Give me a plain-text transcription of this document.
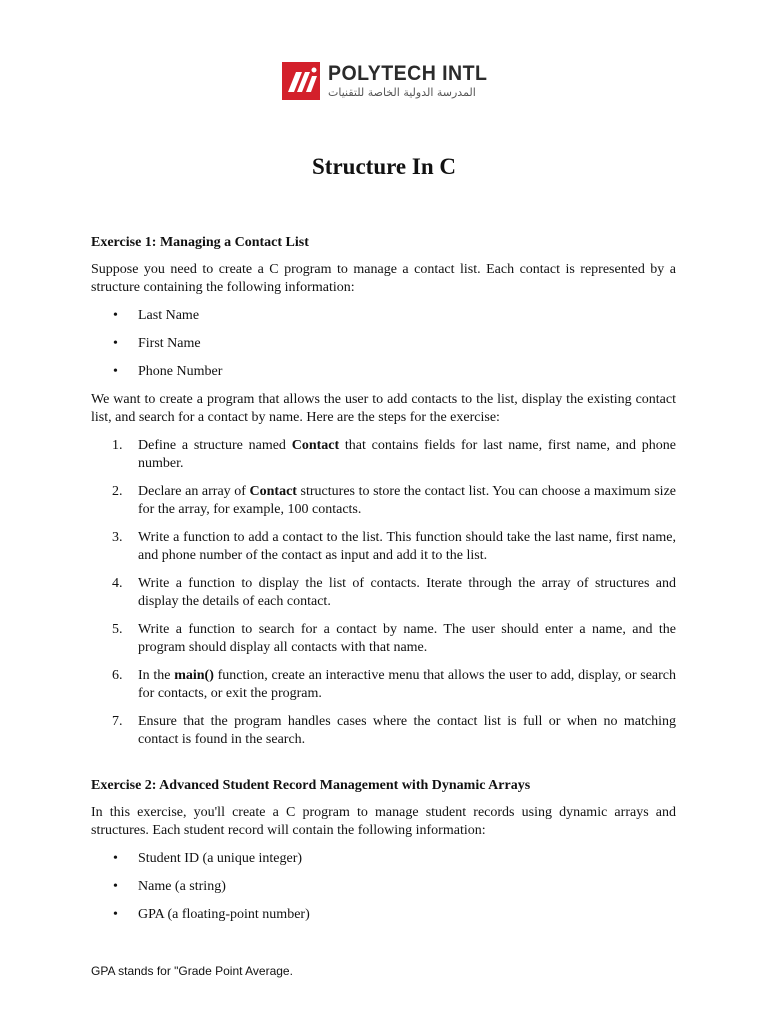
POLYTECH INTL
المدرسة الدولية الخاصة للتقنيات
Structure In C

Exercise 1: Managing a Contact List

Suppose you need to create a C program to manage a contact list. Each contact is represented by a structure containing the following information:

• Last Name
• First Name
• Phone Number

We want to create a program that allows the user to add contacts to the list, display the existing contact list, and search for a contact by name. Here are the steps for the exercise:

1. Define a structure named Contact that contains fields for last name, first name, and phone number.
2. Declare an array of Contact structures to store the contact list. You can choose a maximum size for the array, for example, 100 contacts.
3. Write a function to add a contact to the list. This function should take the last name, first name, and phone number of the contact as input and add it to the list.
4. Write a function to display the list of contacts. Iterate through the array of structures and display the details of each contact.
5. Write a function to search for a contact by name. The user should enter a name, and the program should display all contacts with that name.
6. In the main() function, create an interactive menu that allows the user to add, display, or search for contacts, or exit the program.
7. Ensure that the program handles cases where the contact list is full or when no matching contact is found in the search.

Exercise 2: Advanced Student Record Management with Dynamic Arrays

In this exercise, you'll create a C program to manage student records using dynamic arrays and structures. Each student record will contain the following information:

• Student ID (a unique integer)
• Name (a string)
• GPA (a floating-point number)
GPA stands for "Grade Point Average.
